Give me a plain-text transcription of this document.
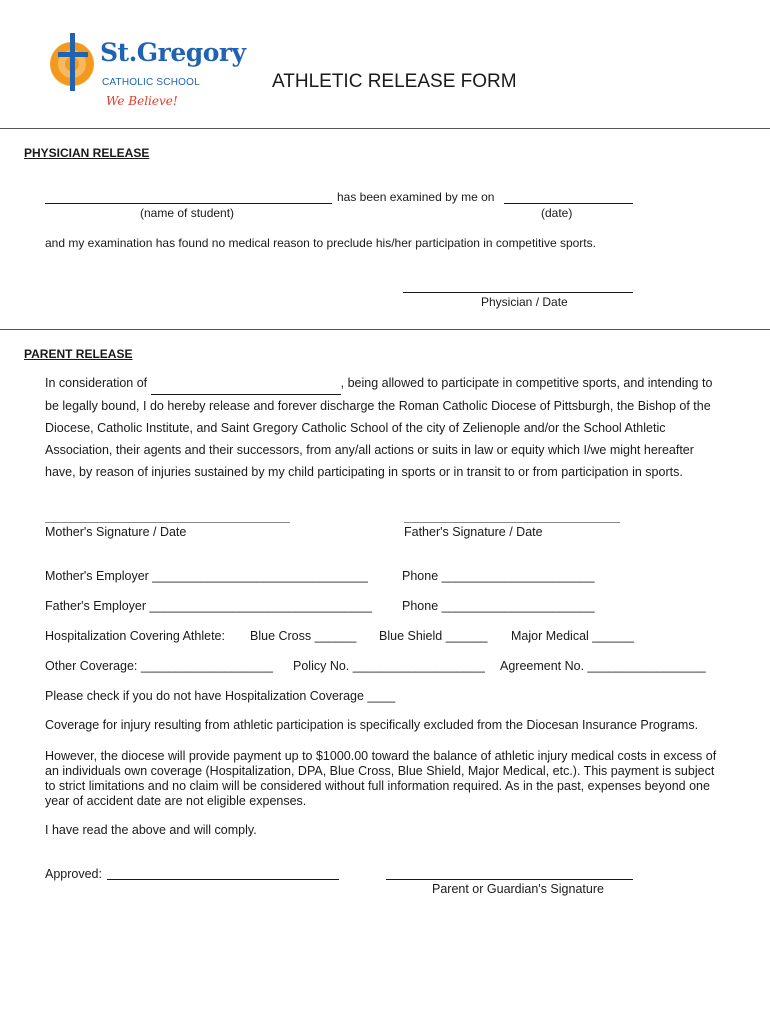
St.Gregory
CATHOLIC SCHOOL
We Believe!
ATHLETIC RELEASE FORM
PHYSICIAN RELEASE
has been examined by me on
(name of student)	(date)
and my examination has found no medical reason to preclude his/her participation in competitive sports.
Physician / Date
PARENT RELEASE
In consideration of	, being allowed to participate in competitive sports, and intending to
be legally bound, I do hereby release and forever discharge the Roman Catholic Diocese of Pittsburgh, the Bishop of the
Diocese, Catholic Institute, and Saint Gregory Catholic School of the city of Zelienople and/or the School Athletic
Association, their agents and their successors, from any/all actions or suits in law or equity which I/we might hereafter
have, by reason of injuries sustained by my child participating in sports or in transit to or from participation in sports.
Mother's Signature / Date	Father's Signature / Date
Mother's Employer _______________________________	Phone ______________________
Father's Employer ________________________________ Phone ______________________
Hospitalization Covering Athlete: Blue Cross ______ Blue Shield ______ Major Medical ______
Other Coverage: ___________________ Policy No. ___________________ Agreement No. _________________
Please check if you do not have Hospitalization Coverage ____
Coverage for injury resulting from athletic participation is specifically excluded from the Diocesan Insurance Programs.
However, the diocese will provide payment up to $1000.00 toward the balance of athletic injury medical costs in excess of
an individuals own coverage (Hospitalization, DPA, Blue Cross, Blue Shield, Major Medical, etc.). This payment is subject
to strict limitations and no claim will be considered without full information required. As in the past, expenses beyond one
year of accident date are not eligible expenses.
I have read the above and will comply.
Approved:
Parent or Guardian's Signature
